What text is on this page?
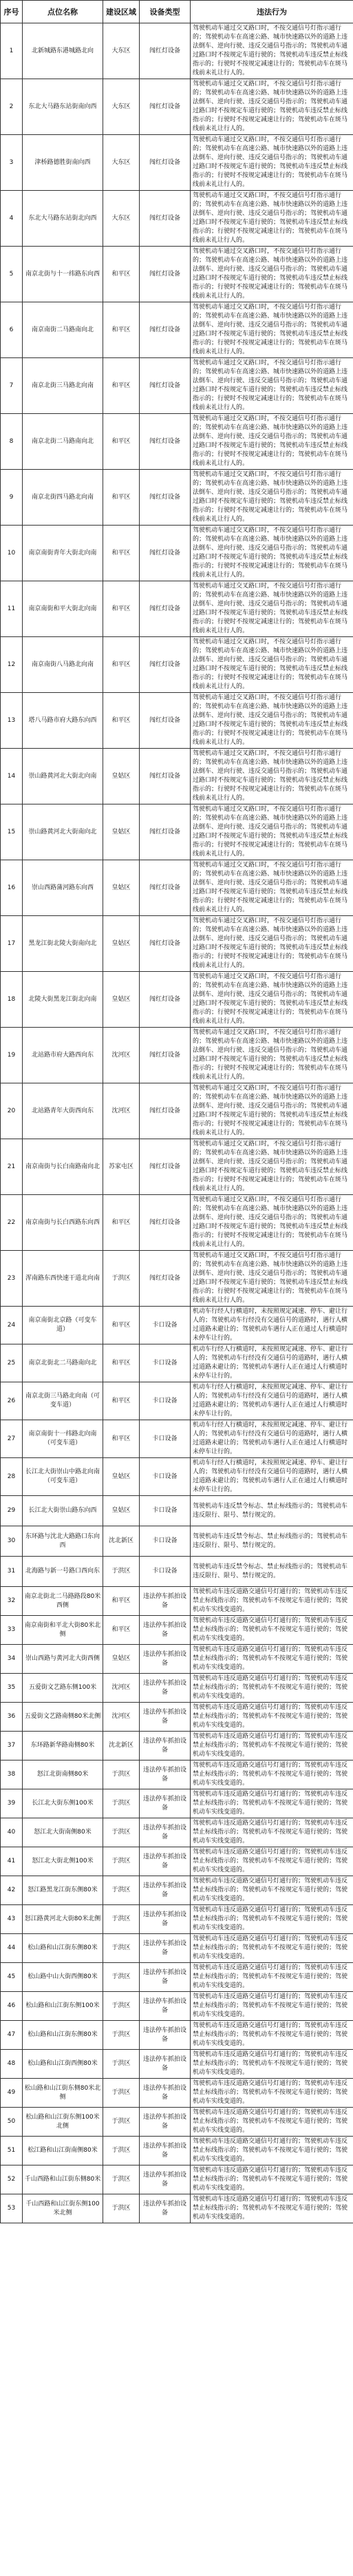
序号	点位名称	建设区域	设备类型	违法行为
1	北新城路东港城路北向	大东区	闯红灯设备	驾驶机动车通过交叉路口时，不按交通信号灯指示通行的；驾驶机动车在高速公路、城市快速路以外的道路上违法倒车、逆向行驶、违反交通信号指示的；驾驶机动车通过路口时不按规定车道行驶的；驾驶机动车违反禁止标线指示的；行驶时不按规定减速让行的；驾驶机动车在斑马线前未礼让行人的。
2	东北大马路东站街南向西	大东区	闯红灯设备	驾驶机动车通过交叉路口时，不按交通信号灯指示通行的；驾驶机动车在高速公路、城市快速路以外的道路上违法倒车、逆向行驶、违反交通信号指示的；驾驶机动车通过路口时不按规定车道行驶的；驾驶机动车违反禁止标线指示的；行驶时不按规定减速让行的；驾驶机动车在斑马线前未礼让行人的。
3	津桥路德胜街南向西	大东区	闯红灯设备	驾驶机动车通过交叉路口时，不按交通信号灯指示通行的；驾驶机动车在高速公路、城市快速路以外的道路上违法倒车、逆向行驶、违反交通信号指示的；驾驶机动车通过路口时不按规定车道行驶的；驾驶机动车违反禁止标线指示的；行驶时不按规定减速让行的；驾驶机动车在斑马线前未礼让行人的。
4	东北大马路东站街北向西	大东区	闯红灯设备	驾驶机动车通过交叉路口时，不按交通信号灯指示通行的；驾驶机动车在高速公路、城市快速路以外的道路上违法倒车、逆向行驶、违反交通信号指示的；驾驶机动车通过路口时不按规定车道行驶的；驾驶机动车违反禁止标线指示的；行驶时不按规定减速让行的；驾驶机动车在斑马线前未礼让行人的。
5	南京北街与十一纬路东向西	和平区	闯红灯设备	驾驶机动车通过交叉路口时，不按交通信号灯指示通行的；驾驶机动车在高速公路、城市快速路以外的道路上违法倒车、逆向行驶、违反交通信号指示的；驾驶机动车通过路口时不按规定车道行驶的；驾驶机动车违反禁止标线指示的；行驶时不按规定减速让行的；驾驶机动车在斑马线前未礼让行人的。
6	南京南街二马路南向北	和平区	闯红灯设备	驾驶机动车通过交叉路口时，不按交通信号灯指示通行的；驾驶机动车在高速公路、城市快速路以外的道路上违法倒车、逆向行驶、违反交通信号指示的；驾驶机动车通过路口时不按规定车道行驶的；驾驶机动车违反禁止标线指示的；行驶时不按规定减速让行的；驾驶机动车在斑马线前未礼让行人的。
7	南京北街三马路北向南	和平区	闯红灯设备	驾驶机动车通过交叉路口时，不按交通信号灯指示通行的；驾驶机动车在高速公路、城市快速路以外的道路上违法倒车、逆向行驶、违反交通信号指示的；驾驶机动车通过路口时不按规定车道行驶的；驾驶机动车违反禁止标线指示的；行驶时不按规定减速让行的；驾驶机动车在斑马线前未礼让行人的。
8	南京北街二马路南向北	和平区	闯红灯设备	驾驶机动车通过交叉路口时，不按交通信号灯指示通行的；驾驶机动车在高速公路、城市快速路以外的道路上违法倒车、逆向行驶、违反交通信号指示的；驾驶机动车通过路口时不按规定车道行驶的；驾驶机动车违反禁止标线指示的；行驶时不按规定减速让行的；驾驶机动车在斑马线前未礼让行人的。
9	南京北街四马路北向南	和平区	闯红灯设备	驾驶机动车通过交叉路口时，不按交通信号灯指示通行的；驾驶机动车在高速公路、城市快速路以外的道路上违法倒车、逆向行驶、违反交通信号指示的；驾驶机动车通过路口时不按规定车道行驶的；驾驶机动车违反禁止标线指示的；行驶时不按规定减速让行的；驾驶机动车在斑马线前未礼让行人的。
10	南京南街青年大街北向南	和平区	闯红灯设备	驾驶机动车通过交叉路口时，不按交通信号灯指示通行的；驾驶机动车在高速公路、城市快速路以外的道路上违法倒车、逆向行驶、违反交通信号指示的；驾驶机动车通过路口时不按规定车道行驶的；驾驶机动车违反禁止标线指示的；行驶时不按规定减速让行的；驾驶机动车在斑马线前未礼让行人的。
11	南京南街和平大街北向南	和平区	闯红灯设备	驾驶机动车通过交叉路口时，不按交通信号灯指示通行的；驾驶机动车在高速公路、城市快速路以外的道路上违法倒车、逆向行驶、违反交通信号指示的；驾驶机动车通过路口时不按规定车道行驶的；驾驶机动车违反禁止标线指示的；行驶时不按规定减速让行的；驾驶机动车在斑马线前未礼让行人的。
12	南京南街八马路北向南	和平区	闯红灯设备	驾驶机动车通过交叉路口时，不按交通信号灯指示通行的；驾驶机动车在高速公路、城市快速路以外的道路上违法倒车、逆向行驶、违反交通信号指示的；驾驶机动车通过路口时不按规定车道行驶的；驾驶机动车违反禁止标线指示的；行驶时不按规定减速让行的；驾驶机动车在斑马线前未礼让行人的。
13	塔八马路市府大路东向西	和平区	闯红灯设备	驾驶机动车通过交叉路口时，不按交通信号灯指示通行的；驾驶机动车在高速公路、城市快速路以外的道路上违法倒车、逆向行驶、违反交通信号指示的；驾驶机动车通过路口时不按规定车道行驶的；驾驶机动车违反禁止标线指示的；行驶时不按规定减速让行的；驾驶机动车在斑马线前未礼让行人的。
14	崇山路黄河北大街北向南	皇姑区	闯红灯设备	驾驶机动车通过交叉路口时，不按交通信号灯指示通行的；驾驶机动车在高速公路、城市快速路以外的道路上违法倒车、逆向行驶、违反交通信号指示的；驾驶机动车通过路口时不按规定车道行驶的；驾驶机动车违反禁止标线指示的；行驶时不按规定减速让行的；驾驶机动车在斑马线前未礼让行人的。
15	崇山路黄河北大街南向北	皇姑区	闯红灯设备	驾驶机动车通过交叉路口时，不按交通信号灯指示通行的；驾驶机动车在高速公路、城市快速路以外的道路上违法倒车、逆向行驶、违反交通信号指示的；驾驶机动车通过路口时不按规定车道行驶的；驾驶机动车违反禁止标线指示的；行驶时不按规定减速让行的；驾驶机动车在斑马线前未礼让行人的。
16	崇山西路蒲河路东向西	皇姑区	闯红灯设备	驾驶机动车通过交叉路口时，不按交通信号灯指示通行的；驾驶机动车在高速公路、城市快速路以外的道路上违法倒车、逆向行驶、违反交通信号指示的；驾驶机动车通过路口时不按规定车道行驶的；驾驶机动车违反禁止标线指示的；行驶时不按规定减速让行的；驾驶机动车在斑马线前未礼让行人的。
17	黑龙江街北陵大街南向北	皇姑区	闯红灯设备	驾驶机动车通过交叉路口时，不按交通信号灯指示通行的；驾驶机动车在高速公路、城市快速路以外的道路上违法倒车、逆向行驶、违反交通信号指示的；驾驶机动车通过路口时不按规定车道行驶的；驾驶机动车违反禁止标线指示的；行驶时不按规定减速让行的；驾驶机动车在斑马线前未礼让行人的。
18	北陵大街黑龙江街北向南	皇姑区	闯红灯设备	驾驶机动车通过交叉路口时，不按交通信号灯指示通行的；驾驶机动车在高速公路、城市快速路以外的道路上违法倒车、逆向行驶、违反交通信号指示的；驾驶机动车通过路口时不按规定车道行驶的；驾驶机动车违反禁止标线指示的；行驶时不按规定减速让行的；驾驶机动车在斑马线前未礼让行人的。
19	北站路市府大路西向东	沈河区	闯红灯设备	驾驶机动车通过交叉路口时，不按交通信号灯指示通行的；驾驶机动车在高速公路、城市快速路以外的道路上违法倒车、逆向行驶、违反交通信号指示的；驾驶机动车通过路口时不按规定车道行驶的；驾驶机动车违反禁止标线指示的；行驶时不按规定减速让行的；驾驶机动车在斑马线前未礼让行人的。
20	北站路青年大街西向东	沈河区	闯红灯设备	驾驶机动车通过交叉路口时，不按交通信号灯指示通行的；驾驶机动车在高速公路、城市快速路以外的道路上违法倒车、逆向行驶、违反交通信号指示的；驾驶机动车通过路口时不按规定车道行驶的；驾驶机动车违反禁止标线指示的；行驶时不按规定减速让行的；驾驶机动车在斑马线前未礼让行人的。
21	南京南街与长白南路南向北	苏家屯区	闯红灯设备	驾驶机动车通过交叉路口时，不按交通信号灯指示通行的；驾驶机动车在高速公路、城市快速路以外的道路上违法倒车、逆向行驶、违反交通信号指示的；驾驶机动车通过路口时不按规定车道行驶的；驾驶机动车违反禁止标线指示的；行驶时不按规定减速让行的；驾驶机动车在斑马线前未礼让行人的。
22	南京南街与长白西路东向西	和平区	闯红灯设备	驾驶机动车通过交叉路口时，不按交通信号灯指示通行的；驾驶机动车在高速公路、城市快速路以外的道路上违法倒车、逆向行驶、违反交通信号指示的；驾驶机动车通过路口时不按规定车道行驶的；驾驶机动车违反禁止标线指示的；行驶时不按规定减速让行的；驾驶机动车在斑马线前未礼让行人的。
23	浑南路东西快速干道北向南	于洪区	闯红灯设备	驾驶机动车通过交叉路口时，不按交通信号灯指示通行的；驾驶机动车在高速公路、城市快速路以外的道路上违法倒车、逆向行驶、违反交通信号指示的；驾驶机动车通过路口时不按规定车道行驶的；驾驶机动车违反禁止标线指示的；行驶时不按规定减速让行的；驾驶机动车在斑马线前未礼让行人的。
24	南京南街北京路（可变车道）	和平区	卡口设备	机动车行经人行横道时，未按照规定减速、停车、避让行人的；驾驶机动车行经没有交通信号的道路时，遇行人横过道路未避让的；驾驶机动车遇行人正在通过人行横道时未停车让行的。
25	南京北街北二马路南向北	和平区	卡口设备	机动车行经人行横道时，未按照规定减速、停车、避让行人的；驾驶机动车行经没有交通信号的道路时，遇行人横过道路未避让的；驾驶机动车遇行人正在通过人行横道时未停车让行的。
26	南京北街三马路北向南（可变车道）	和平区	卡口设备	机动车行经人行横道时，未按照规定减速、停车、避让行人的；驾驶机动车行经没有交通信号的道路时，遇行人横过道路未避让的；驾驶机动车遇行人正在通过人行横道时未停车让行的。
27	南京南街十一纬路北向南（可变车道）	和平区	卡口设备	机动车行经人行横道时，未按照规定减速、停车、避让行人的；驾驶机动车行经没有交通信号的道路时，遇行人横过道路未避让的；驾驶机动车遇行人正在通过人行横道时未停车让行的。
28	长江北大街崇山中路北向南（可变车道）	皇姑区	卡口设备	机动车行经人行横道时，未按照规定减速、停车、避让行人的；驾驶机动车行经没有交通信号的道路时，遇行人横过道路未避让的；驾驶机动车遇行人正在通过人行横道时未停车让行的。
29	长江北大街崇山路东向西	皇姑区	卡口设备	驾驶机动车违反禁令标志、禁止标线指示的；驾驶机动车违反限行、限号、禁行规定的。
30	东环路与沈北大路路口东向西	沈北新区	卡口设备	驾驶机动车违反禁令标志、禁止标线指示的；驾驶机动车违反限行、限号、禁行规定的。
31	北海路与新一号路口西向东	于洪区	卡口设备	驾驶机动车违反禁令标志、禁止标线指示的；驾驶机动车违反限行、限号、禁行规定的。
32	南京北街北二马路路段80米西侧	和平区	违法停车抓拍设备	驾驶机动车违反道路交通信号灯通行的；驾驶机动车违反禁止标线指示的；驾驶机动车不按规定车道行驶的；驾驶机动车实线变道的。
33	南京南街和平北大街80米北侧	和平区	违法停车抓拍设备	驾驶机动车违反道路交通信号灯通行的；驾驶机动车违反禁止标线指示的；驾驶机动车不按规定车道行驶的；驾驶机动车实线变道的。
34	崇山西路与黄河北大街西侧	皇姑区	违法停车抓拍设备	驾驶机动车违反道路交通信号灯通行的；驾驶机动车违反禁止标线指示的；驾驶机动车不按规定车道行驶的；驾驶机动车实线变道的。
35	五爱街文艺路东侧100米	沈河区	违法停车抓拍设备	驾驶机动车违反道路交通信号灯通行的；驾驶机动车违反禁止标线指示的；驾驶机动车不按规定车道行驶的；驾驶机动车实线变道的。
36	五爱街文艺路南侧80米北侧	沈河区	违法停车抓拍设备	驾驶机动车违反道路交通信号灯通行的；驾驶机动车违反禁止标线指示的；驾驶机动车不按规定车道行驶的；驾驶机动车实线变道的。
37	东环路新华路南侧80米	沈北新区	违法停车抓拍设备	驾驶机动车违反道路交通信号灯通行的；驾驶机动车违反禁止标线指示的；驾驶机动车不按规定车道行驶的；驾驶机动车实线变道的。
38	怒江北街南侧80米	于洪区	违法停车抓拍设备	驾驶机动车违反道路交通信号灯通行的；驾驶机动车违反禁止标线指示的；驾驶机动车不按规定车道行驶的；驾驶机动车实线变道的。
39	长江北大街东侧100米	于洪区	违法停车抓拍设备	驾驶机动车违反道路交通信号灯通行的；驾驶机动车违反禁止标线指示的；驾驶机动车不按规定车道行驶的；驾驶机动车实线变道的。
40	怒江北大街南侧80米	于洪区	违法停车抓拍设备	驾驶机动车违反道路交通信号灯通行的；驾驶机动车违反禁止标线指示的；驾驶机动车不按规定车道行驶的；驾驶机动车实线变道的。
41	怒江北大街北侧100米	于洪区	违法停车抓拍设备	驾驶机动车违反道路交通信号灯通行的；驾驶机动车违反禁止标线指示的；驾驶机动车不按规定车道行驶的；驾驶机动车实线变道的。
42	怒江路黑龙江街东侧80米	于洪区	违法停车抓拍设备	驾驶机动车违反道路交通信号灯通行的；驾驶机动车违反禁止标线指示的；驾驶机动车不按规定车道行驶的；驾驶机动车实线变道的。
43	怒江路黄河北大街80米北侧	于洪区	违法停车抓拍设备	驾驶机动车违反道路交通信号灯通行的；驾驶机动车违反禁止标线指示的；驾驶机动车不按规定车道行驶的；驾驶机动车实线变道的。
44	松山路和山江街东侧80米	于洪区	违法停车抓拍设备	驾驶机动车违反道路交通信号灯通行的；驾驶机动车违反禁止标线指示的；驾驶机动车不按规定车道行驶的；驾驶机动车实线变道的。
45	松山路中山大街西侧80米	于洪区	违法停车抓拍设备	驾驶机动车违反道路交通信号灯通行的；驾驶机动车违反禁止标线指示的；驾驶机动车不按规定车道行驶的；驾驶机动车实线变道的。
46	松山路和山江街东侧100米	于洪区	违法停车抓拍设备	驾驶机动车违反道路交通信号灯通行的；驾驶机动车违反禁止标线指示的；驾驶机动车不按规定车道行驶的；驾驶机动车实线变道的。
47	松山路和山江街东侧80米	于洪区	违法停车抓拍设备	驾驶机动车违反道路交通信号灯通行的；驾驶机动车违反禁止标线指示的；驾驶机动车不按规定车道行驶的；驾驶机动车实线变道的。
48	松山路和山江街西侧80米	于洪区	违法停车抓拍设备	驾驶机动车违反道路交通信号灯通行的；驾驶机动车违反禁止标线指示的；驾驶机动车不按规定车道行驶的；驾驶机动车实线变道的。
49	松山路和山江街东侧80米北侧	于洪区	违法停车抓拍设备	驾驶机动车违反道路交通信号灯通行的；驾驶机动车违反禁止标线指示的；驾驶机动车不按规定车道行驶的；驾驶机动车实线变道的。
50	松山路和山江街东侧100米北侧	于洪区	违法停车抓拍设备	驾驶机动车违反道路交通信号灯通行的；驾驶机动车违反禁止标线指示的；驾驶机动车不按规定车道行驶的；驾驶机动车实线变道的。
51	松江路和山江街南侧80米	于洪区	违法停车抓拍设备	驾驶机动车违反道路交通信号灯通行的；驾驶机动车违反禁止标线指示的；驾驶机动车不按规定车道行驶的；驾驶机动车实线变道的。
52	千山西路和山江街东侧80米	于洪区	违法停车抓拍设备	驾驶机动车违反道路交通信号灯通行的；驾驶机动车违反禁止标线指示的；驾驶机动车不按规定车道行驶的；驾驶机动车实线变道的。
53	千山西路和山江街东侧100米北侧	于洪区	违法停车抓拍设备	驾驶机动车违反道路交通信号灯通行的；驾驶机动车违反禁止标线指示的；驾驶机动车不按规定车道行驶的；驾驶机动车实线变道的。
